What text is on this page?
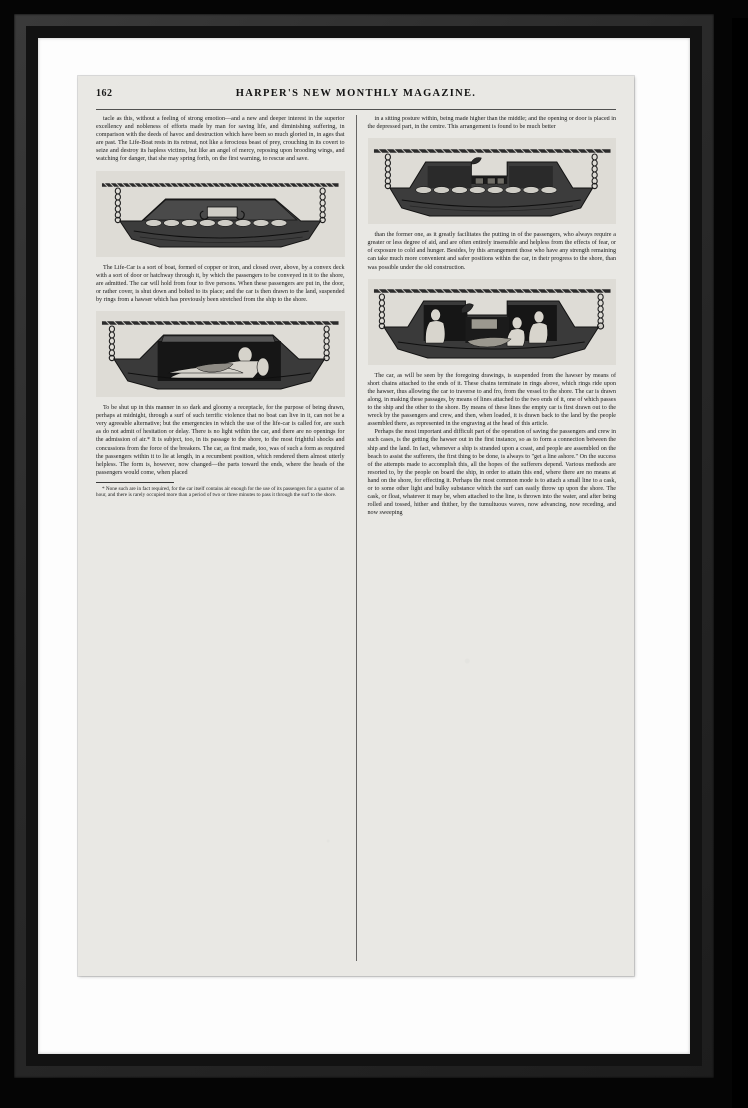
162	HARPER'S NEW MONTHLY MAGAZINE.

tacle as this, without a feeling of strong emotion—and a new and deeper interest in the superior excellency and nobleness of efforts made by man for saving life, and diminishing suffering, in comparison with the deeds of havoc and destruction which have been so much gloried in, in ages that are past. The Life-Boat rests in its retreat, not like a ferocious beast of prey, crouching in its covert to seize and destroy its hapless victims, but like an angel of mercy, reposing upon brooding wings, and watching for danger, that she may spring forth, on the first warning, to rescue and save.

The Life-Car is a sort of boat, formed of copper or iron, and closed over, above, by a convex deck with a sort of door or hatchway through it, by which the passengers to be conveyed in it to the shore, are admitted. The car will hold from four to five persons. When these passengers are put in, the door, or rather cover, is shut down and bolted to its place; and the car is then drawn to the land, suspended by rings from a hawser which has previously been stretched from the ship to the shore.

To be shut up in this manner in so dark and gloomy a receptacle, for the purpose of being drawn, perhaps at midnight, through a surf of such terrific violence that no boat can live in it, can not be a very agreeable alternative; but the emergencies in which the use of the life-car is called for, are such as do not admit of hesitation or delay. There is no light within the car, and there are no openings for the admission of air.* It is subject, too, in its passage to the shore, to the most frightful shocks and concussions from the force of the breakers. The car, as first made, too, was of such a form as required the passengers within it to lie at length, in a recumbent position, which rendered them almost utterly helpless. The form is, however, now changed—the parts toward the ends, where the heads of the passengers would come, when placed

* None such are in fact required, for the car itself contains air enough for the use of its passengers for a quarter of an hour, and there is rarely occupied more than a period of two or three minutes to pass it through the surf to the shore.

in a sitting posture within, being made higher than the middle; and the opening or door is placed in the depressed part, in the centre. This arrangement is found to be much better

than the former one, as it greatly facilitates the putting in of the passengers, who always require a greater or less degree of aid, and are often entirely insensible and helpless from the effects of fear, or of exposure to cold and hunger. Besides, by this arrangement those who have any strength remaining can take much more convenient and safer positions within the car, in their progress to the shore, than was possible under the old construction.

The car, as will be seen by the foregoing drawings, is suspended from the hawser by means of short chains attached to the ends of it. These chains terminate in rings above, which rings ride upon the hawser, thus allowing the car to traverse to and fro, from the vessel to the shore. The car is drawn along, in making these passages, by means of lines attached to the two ends of it, one of which passes to the ship and the other to the shore. By means of these lines the empty car is first drawn out to the wreck by the passengers and crew, and then, when loaded, it is drawn back to the land by the people assembled there, as represented in the engraving at the head of this article.

Perhaps the most important and difficult part of the operation of saving the passengers and crew in such cases, is the getting the hawser out in the first instance, so as to form a connection between the ship and the land. In fact, whenever a ship is stranded upon a coast, and people are assembled on the beach to assist the sufferers, the first thing to be done, is always to "get a line ashore." On the success of the attempts made to accomplish this, all the hopes of the sufferers depend. Various methods are resorted to, by the people on board the ship, in order to attain this end, where there are no means at hand on the shore, for effecting it. Perhaps the most common mode is to attach a small line to a cask, or to some other light and bulky substance which the surf can easily throw up upon the shore. The cask, or float, whatever it may be, when attached to the line, is thrown into the water, and after being rolled and tossed, hither and thither, by the tumultuous waves, now advancing, now receding, and now sweeping
